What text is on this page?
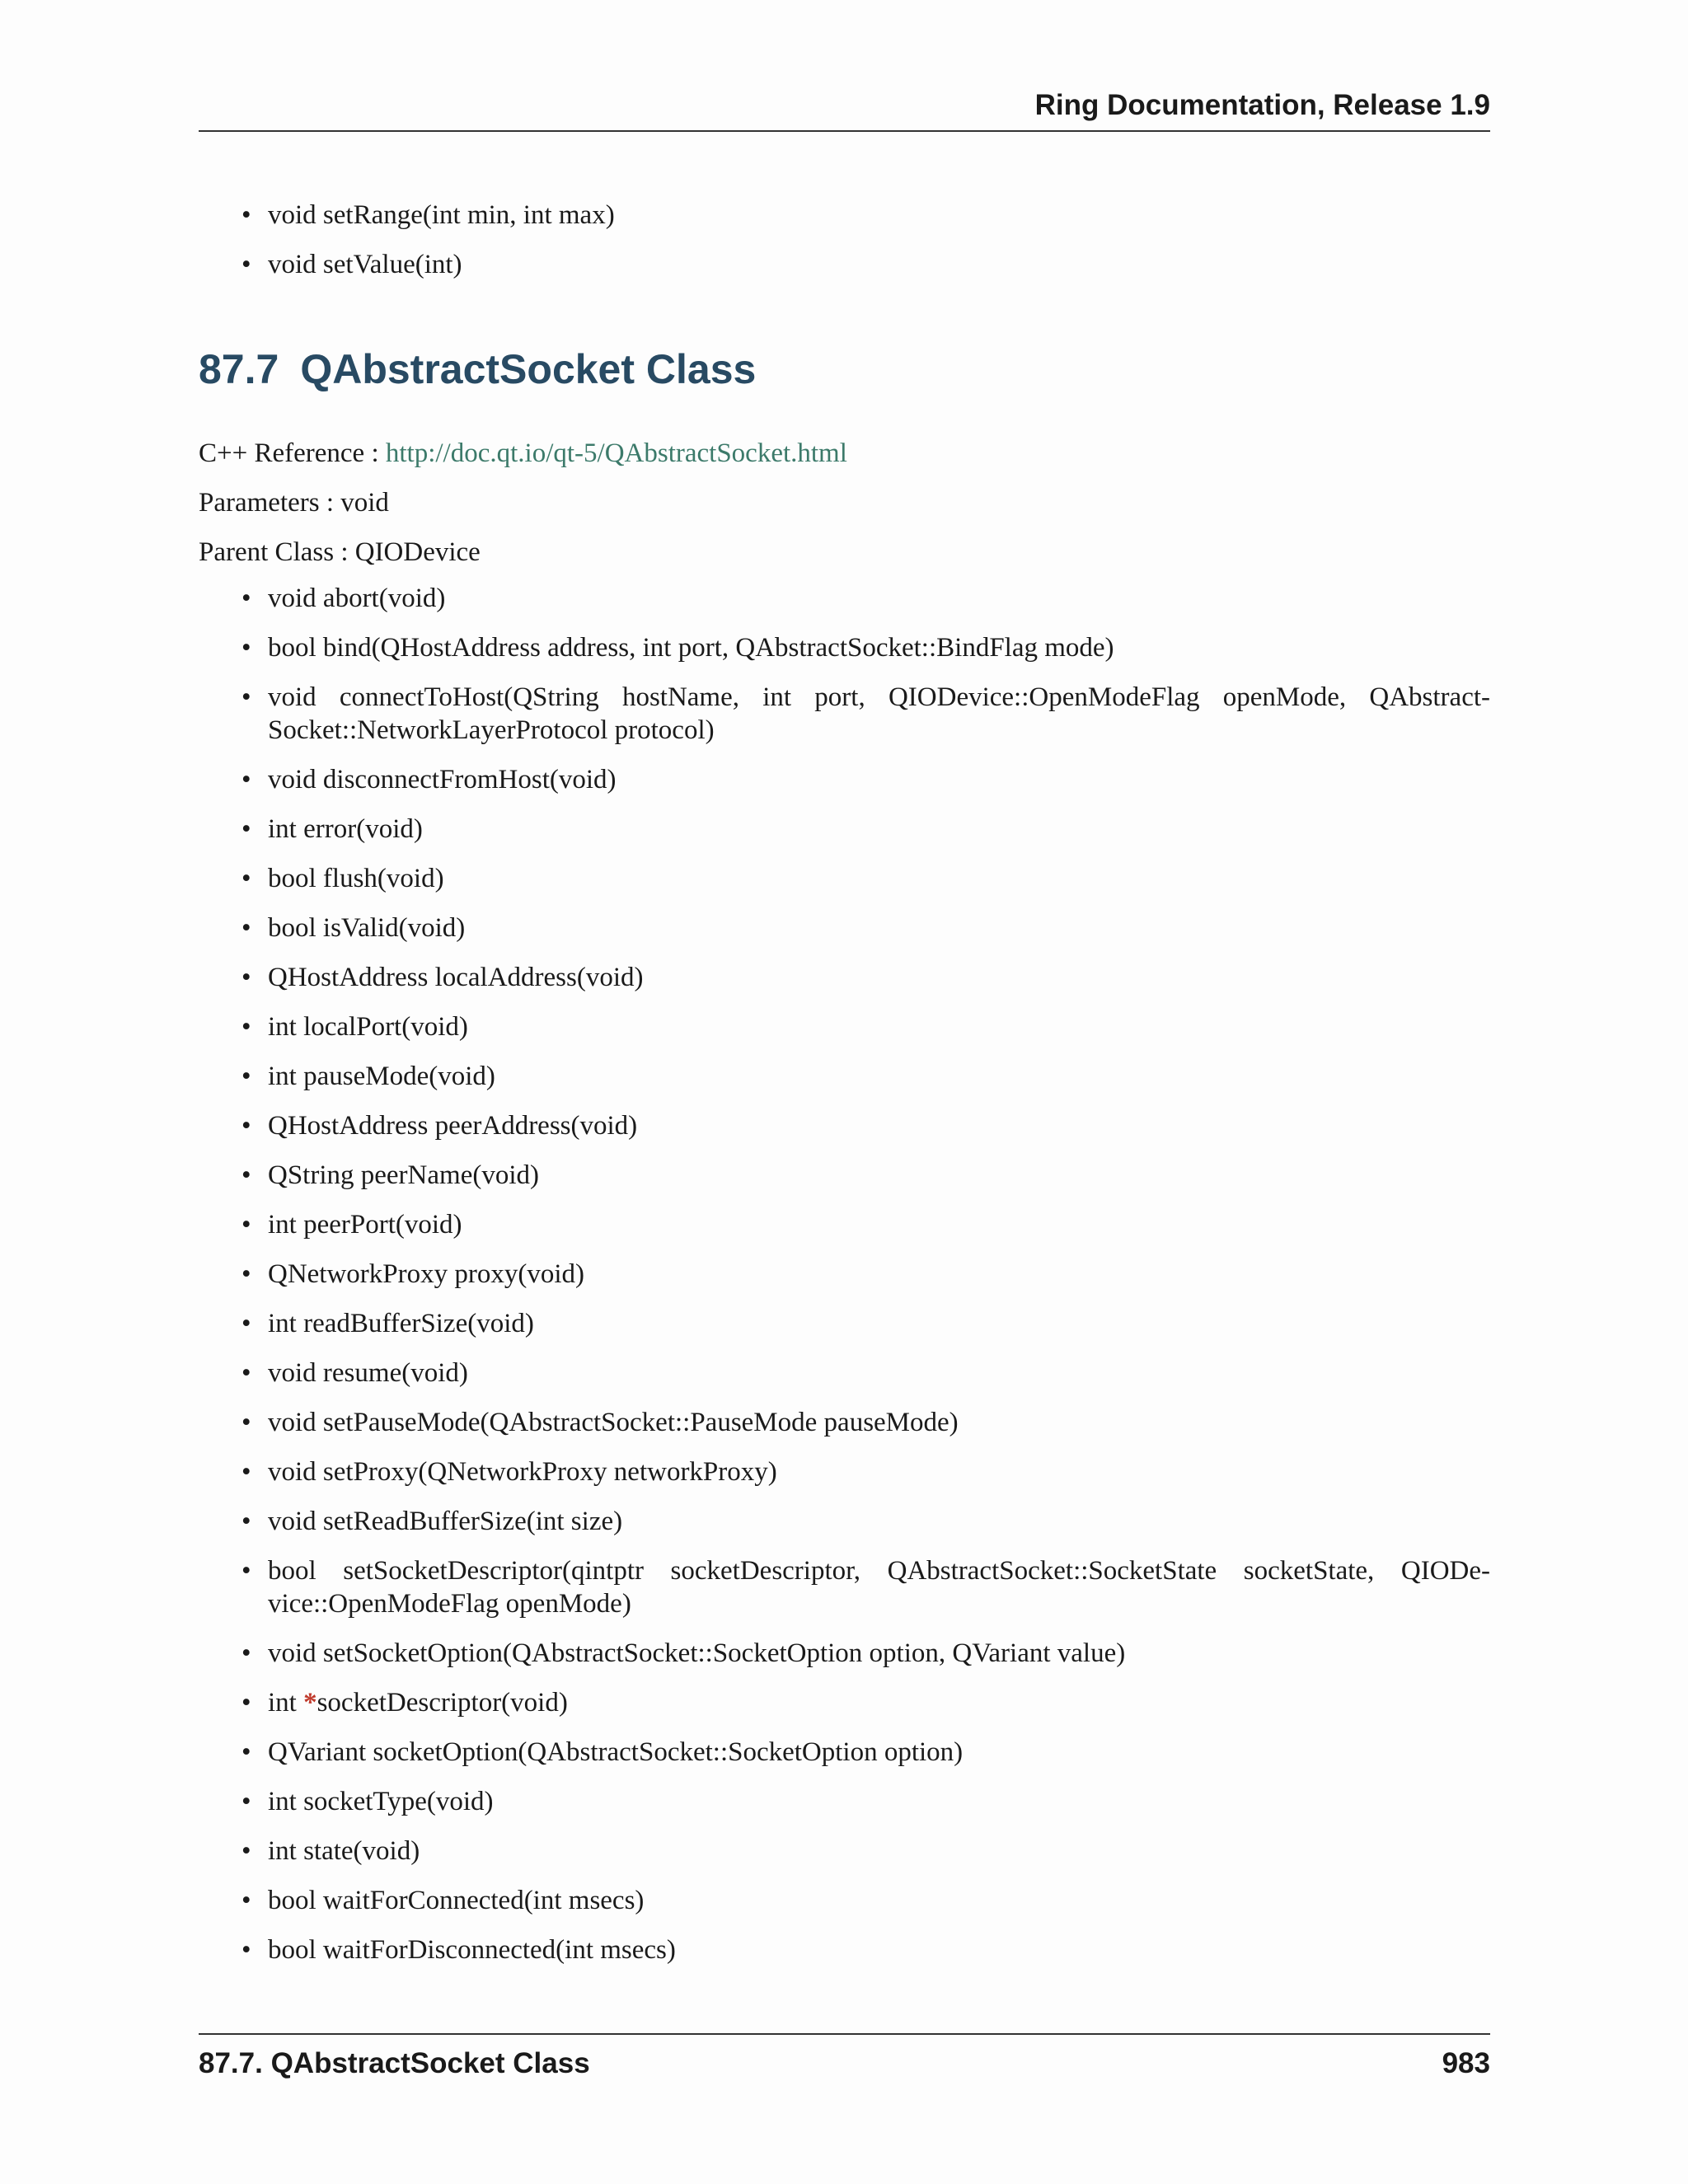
Ring Documentation, Release 1.9
• void setRange(int min, int max)
• void setValue(int)
87.7 QAbstractSocket Class
C++ Reference : http://doc.qt.io/qt-5/QAbstractSocket.html
Parameters : void
Parent Class : QIODevice
• void abort(void)
• bool bind(QHostAddress address, int port, QAbstractSocket::BindFlag mode)
• void connectToHost(QString hostName, int port, QIODevice::OpenModeFlag openMode, QAbstract-Socket::NetworkLayerProtocol protocol)
• void disconnectFromHost(void)
• int error(void)
• bool flush(void)
• bool isValid(void)
• QHostAddress localAddress(void)
• int localPort(void)
• int pauseMode(void)
• QHostAddress peerAddress(void)
• QString peerName(void)
• int peerPort(void)
• QNetworkProxy proxy(void)
• int readBufferSize(void)
• void resume(void)
• void setPauseMode(QAbstractSocket::PauseMode pauseMode)
• void setProxy(QNetworkProxy networkProxy)
• void setReadBufferSize(int size)
• bool setSocketDescriptor(qintptr socketDescriptor, QAbstractSocket::SocketState socketState, QIODe-vice::OpenModeFlag openMode)
• void setSocketOption(QAbstractSocket::SocketOption option, QVariant value)
• int *socketDescriptor(void)
• QVariant socketOption(QAbstractSocket::SocketOption option)
• int socketType(void)
• int state(void)
• bool waitForConnected(int msecs)
• bool waitForDisconnected(int msecs)
87.7. QAbstractSocket Class	983
